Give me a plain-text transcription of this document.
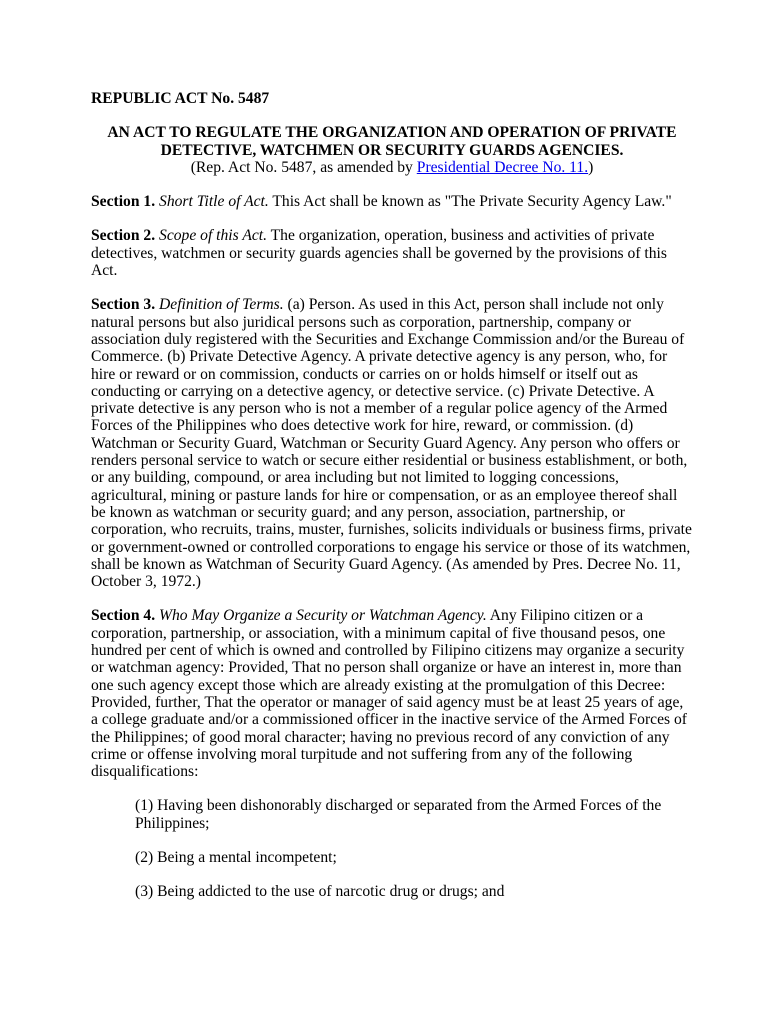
REPUBLIC ACT No. 5487

AN ACT TO REGULATE THE ORGANIZATION AND OPERATION OF PRIVATE DETECTIVE, WATCHMEN OR SECURITY GUARDS AGENCIES.
(Rep. Act No. 5487, as amended by Presidential Decree No. 11.)

Section 1. Short Title of Act. This Act shall be known as "The Private Security Agency Law."

Section 2. Scope of this Act. The organization, operation, business and activities of private detectives, watchmen or security guards agencies shall be governed by the provisions of this Act.

Section 3. Definition of Terms. (a) Person. As used in this Act, person shall include not only natural persons but also juridical persons such as corporation, partnership, company or association duly registered with the Securities and Exchange Commission and/or the Bureau of Commerce. (b) Private Detective Agency. A private detective agency is any person, who, for hire or reward or on commission, conducts or carries on or holds himself or itself out as conducting or carrying on a detective agency, or detective service. (c) Private Detective. A private detective is any person who is not a member of a regular police agency of the Armed Forces of the Philippines who does detective work for hire, reward, or commission. (d) Watchman or Security Guard, Watchman or Security Guard Agency. Any person who offers or renders personal service to watch or secure either residential or business establishment, or both, or any building, compound, or area including but not limited to logging concessions, agricultural, mining or pasture lands for hire or compensation, or as an employee thereof shall be known as watchman or security guard; and any person, association, partnership, or corporation, who recruits, trains, muster, furnishes, solicits individuals or business firms, private or government-owned or controlled corporations to engage his service or those of its watchmen, shall be known as Watchman of Security Guard Agency. (As amended by Pres. Decree No. 11, October 3, 1972.)

Section 4. Who May Organize a Security or Watchman Agency. Any Filipino citizen or a corporation, partnership, or association, with a minimum capital of five thousand pesos, one hundred per cent of which is owned and controlled by Filipino citizens may organize a security or watchman agency: Provided, That no person shall organize or have an interest in, more than one such agency except those which are already existing at the promulgation of this Decree: Provided, further, That the operator or manager of said agency must be at least 25 years of age, a college graduate and/or a commissioned officer in the inactive service of the Armed Forces of the Philippines; of good moral character; having no previous record of any conviction of any crime or offense involving moral turpitude and not suffering from any of the following disqualifications:

(1) Having been dishonorably discharged or separated from the Armed Forces of the Philippines;

(2) Being a mental incompetent;

(3) Being addicted to the use of narcotic drug or drugs; and
